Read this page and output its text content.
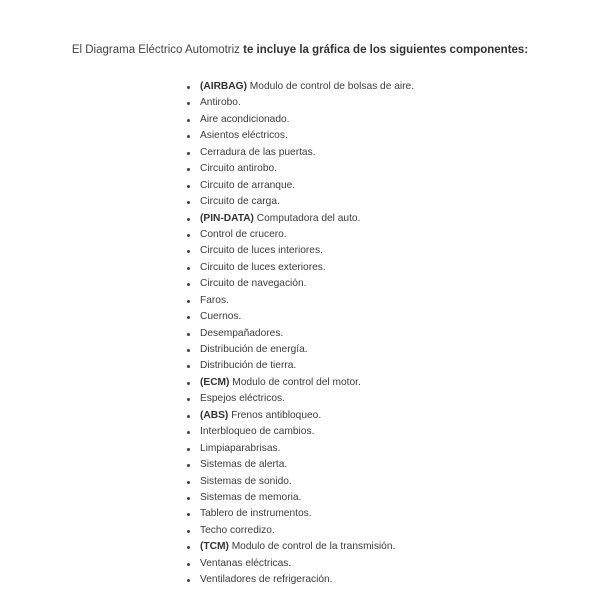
El Diagrama Eléctrico Automotriz te incluye la gráfica de los siguientes componentes:
(AIRBAG) Modulo de control de bolsas de aire.
Antirobo.
Aire acondicionado.
Asientos eléctricos.
Cerradura de las puertas.
Circuito antirobo.
Circuito de arranque.
Circuito de carga.
(PIN-DATA) Computadora del auto.
Control de crucero.
Circuito de luces interiores.
Circuito de luces exteriores.
Circuito de navegación.
Faros.
Cuernos.
Desempañadores.
Distribución de energía.
Distribución de tierra.
(ECM) Modulo de control del motor.
Espejos eléctricos.
(ABS) Frenos antibloqueo.
Interbloqueo de cambios.
Limpiaparabrisas.
Sistemas de alerta.
Sistemas de sonido.
Sistemas de memoria.
Tablero de instrumentos.
Techo corredizo.
(TCM) Modulo de control de la transmisión.
Ventanas eléctricas.
Ventiladores de refrigeración.
